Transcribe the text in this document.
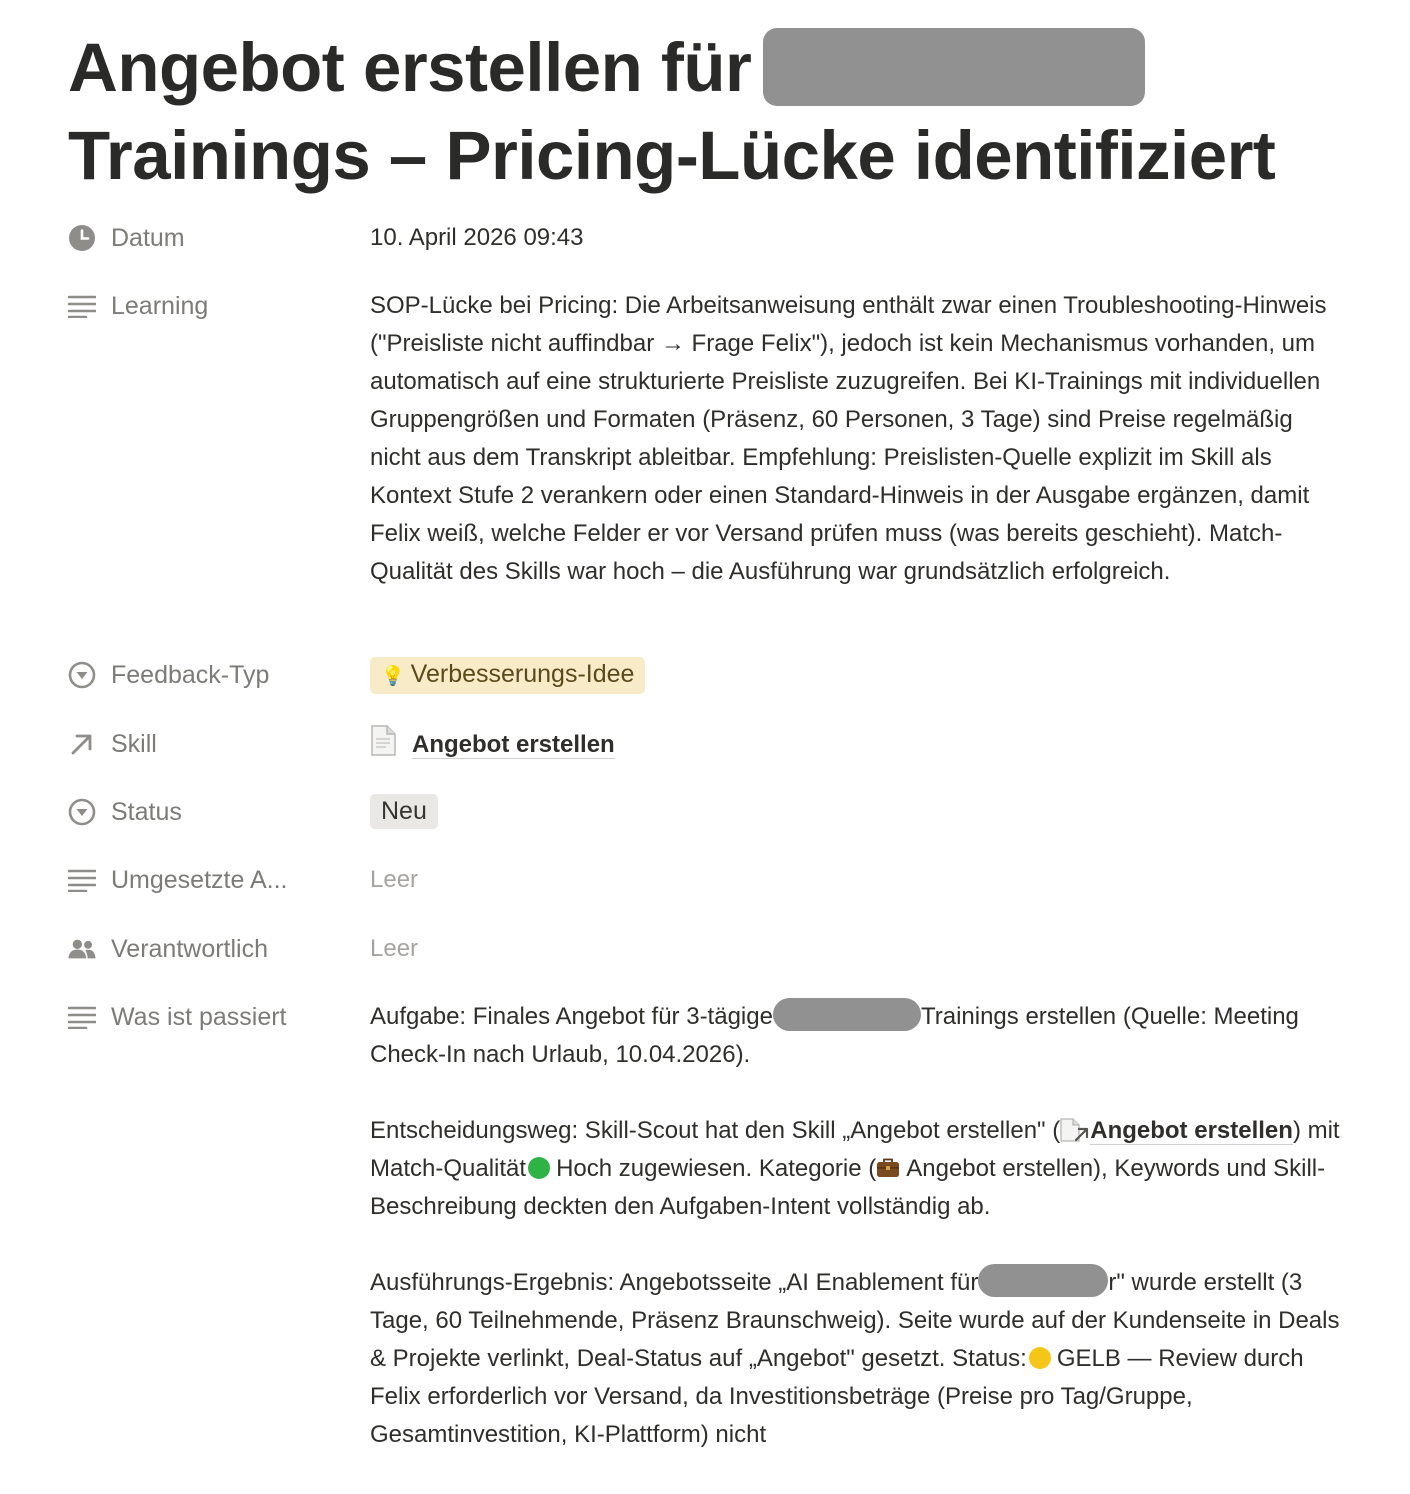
Angebot erstellen für
Trainings – Pricing-Lücke identifiziert
Datum	10. April 2026 09:43
Learning	SOP-Lücke bei Pricing: Die Arbeitsanweisung enthält zwar einen Troubleshooting-Hinweis ("Preisliste nicht auffindbar → Frage Felix"), jedoch ist kein Mechanismus vorhanden, um automatisch auf eine strukturierte Preisliste zuzugreifen. Bei KI-Trainings mit individuellen Gruppengrößen und Formaten (Präsenz, 60 Personen, 3 Tage) sind Preise regelmäßig nicht aus dem Transkript ableitbar. Empfehlung: Preislisten-Quelle explizit im Skill als Kontext Stufe 2 verankern oder einen Standard-Hinweis in der Ausgabe ergänzen, damit Felix weiß, welche Felder er vor Versand prüfen muss (was bereits geschieht). Match-Qualität des Skills war hoch – die Ausführung war grundsätzlich erfolgreich.

Feedback-Typ	💡 Verbesserungs-Idee
Skill	Angebot erstellen
Status	Neu
Umgesetzte A...	Leer
Verantwortlich	Leer
Was ist passiert	Aufgabe: Finales Angebot für 3-tägige	Trainings erstellen (Quelle: Meeting Check-In nach Urlaub, 10.04.2026).

Entscheidungsweg: Skill-Scout hat den Skill „Angebot erstellen" ( Angebot erstellen) mit Match-Qualität Hoch zugewiesen. Kategorie ( Angebot erstellen), Keywords und Skill-Beschreibung deckten den Aufgaben-Intent vollständig ab.

Ausführungs-Ergebnis: Angebotsseite „AI Enablement für	r" wurde erstellt (3 Tage, 60 Teilnehmende, Präsenz Braunschweig). Seite wurde auf der Kundenseite in Deals & Projekte verlinkt, Deal-Status auf „Angebot" gesetzt. Status: GELB — Review durch Felix erforderlich vor Versand, da Investitionsbeträge (Preise pro Tag/Gruppe, Gesamtinvestition, KI-Plattform) nicht
